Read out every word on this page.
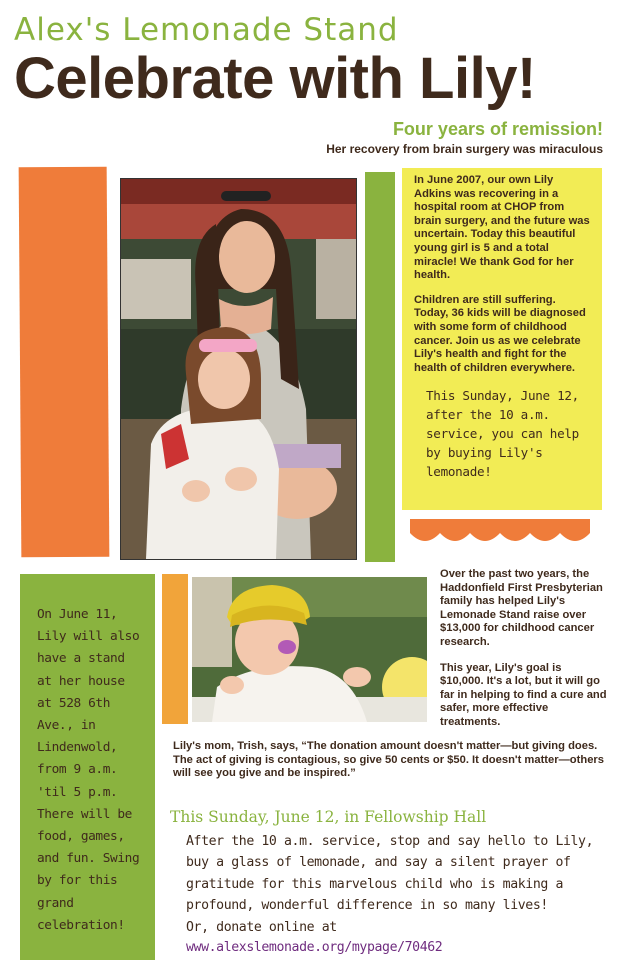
Alex's Lemonade Stand
Celebrate with Lily!
Four years of remission!
Her recovery from brain surgery was miraculous

In June 2007, our own Lily Adkins was recovering in a hospital room at CHOP from brain surgery, and the future was uncertain. Today this beautiful young girl is 5 and a total miracle! We thank God for her health.

Children are still suffering. Today, 36 kids will be diagnosed with some form of childhood cancer. Join us as we celebrate Lily's health and fight for the health of children everywhere.

This Sunday, June 12, after the 10 a.m. service, you can help by buying Lily's lemonade!
On June 11, Lily will also have a stand at her house at 528 6th Ave., in Lindenwold, from 9 a.m. 'til 5 p.m. There will be food, games, and fun. Swing by for this grand celebration!

Over the past two years, the Haddonfield First Presbyterian family has helped Lily's Lemonade Stand raise over $13,000 for childhood cancer research.

This year, Lily's goal is $10,000. It's a lot, but it will go far in helping to find a cure and safer, more effective treatments.

Lily's mom, Trish, says, “The donation amount doesn't matter—but giving does. The act of giving is contagious, so give 50 cents or $50. It doesn't matter—others will see you give and be inspired.”
This Sunday, June 12, in Fellowship Hall
After the 10 a.m. service, stop and say hello to Lily, buy a glass of lemonade, and say a silent prayer of gratitude for this marvelous child who is making a profound, wonderful difference in so many lives!
Or, donate online at
www.alexslemonade.org/mypage/70462
